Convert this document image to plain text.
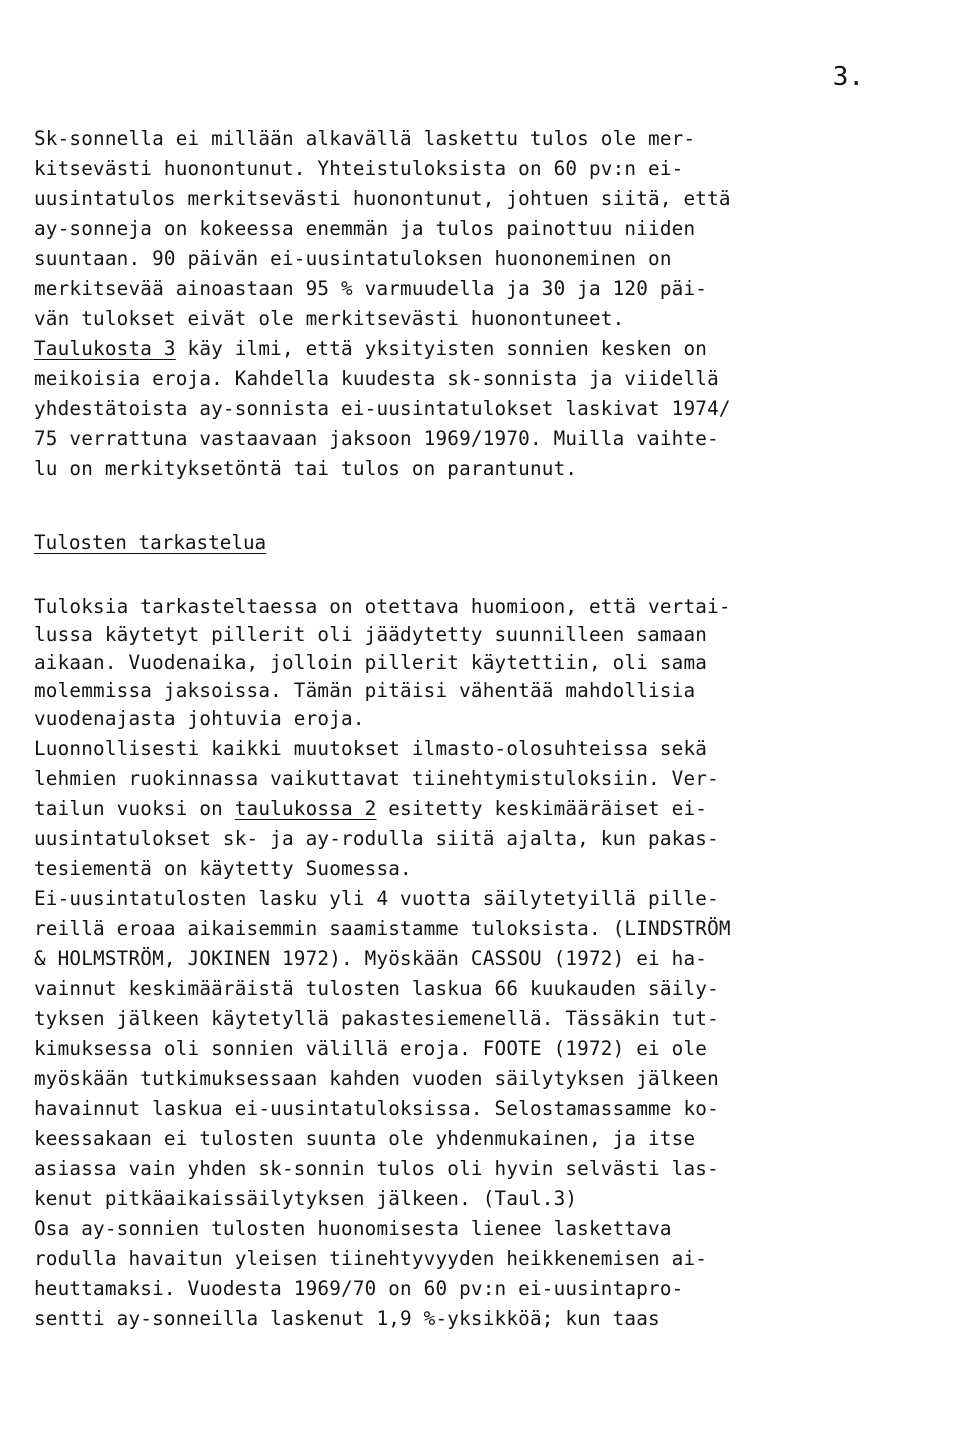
3.
Sk-sonnella ei millään alkavällä laskettu tulos ole mer-
kitsevästi huonontunut. Yhteistuloksista on 60 pv:n ei-
uusintatulos merkitsevästi huonontunut, johtuen siitä, että
ay-sonneja on kokeessa enemmän ja tulos painottuu niiden
suuntaan. 90 päivän ei-uusintatuloksen huononeminen on
merkitsevää ainoastaan 95 % varmuudella ja 30 ja 120 päi-
vän tulokset eivät ole merkitsevästi huonontuneet.
Taulukosta 3 käy ilmi, että yksityisten sonnien kesken on
meikoisia eroja. Kahdella kuudesta sk-sonnista ja viidellä
yhdestätoista ay-sonnista ei-uusintatulokset laskivat 1974/
75 verrattuna vastaavaan jaksoon 1969/1970. Muilla vaihte-
lu on merkityksetöntä tai tulos on parantunut.
Tulosten tarkastelua
Tuloksia tarkasteltaessa on otettava huomioon, että vertai-
lussa käytetyt pillerit oli jäädytetty suunnilleen samaan
aikaan. Vuodenaika, jolloin pillerit käytettiin, oli sama
molemmissa jaksoissa. Tämän pitäisi vähentää mahdollisia
vuodenajasta johtuvia eroja.
Luonnollisesti kaikki muutokset ilmasto-olosuhteissa sekä
lehmien ruokinnassa vaikuttavat tiinehtymistuloksiin. Ver-
tailun vuoksi on taulukossa 2 esitetty keskimääräiset ei-
uusintatulokset sk- ja ay-rodulla siitä ajalta, kun pakas-
tesiementä on käytetty Suomessa.
Ei-uusintatulosten lasku yli 4 vuotta säilytetyillä pille-
reillä eroaa aikaisemmin saamistamme tuloksista. (LINDSTRÖM
& HOLMSTRÖM, JOKINEN 1972). Myöskään CASSOU (1972) ei ha-
vainnut keskimääräistä tulosten laskua 66 kuukauden säily-
tyksen jälkeen käytetyllä pakastesiemenellä. Tässäkin tut-
kimuksessa oli sonnien välillä eroja. FOOTE (1972) ei ole
myöskään tutkimuksessaan kahden vuoden säilytyksen jälkeen
havainnut laskua ei-uusintatuloksissa. Selostamassamme ko-
keessakaan ei tulosten suunta ole yhdenmukainen, ja itse
asiassa vain yhden sk-sonnin tulos oli hyvin selvästi las-
kenut pitkäaikaissäilytyksen jälkeen. (Taul.3)
Osa ay-sonnien tulosten huonomisesta lienee laskettava
rodulla havaitun yleisen tiinehtyvyyden heikkenemisen ai-
heuttamaksi. Vuodesta 1969/70 on 60 pv:n ei-uusintapro-
sentti ay-sonneilla laskenut 1,9 %-yksikköä; kun taas
